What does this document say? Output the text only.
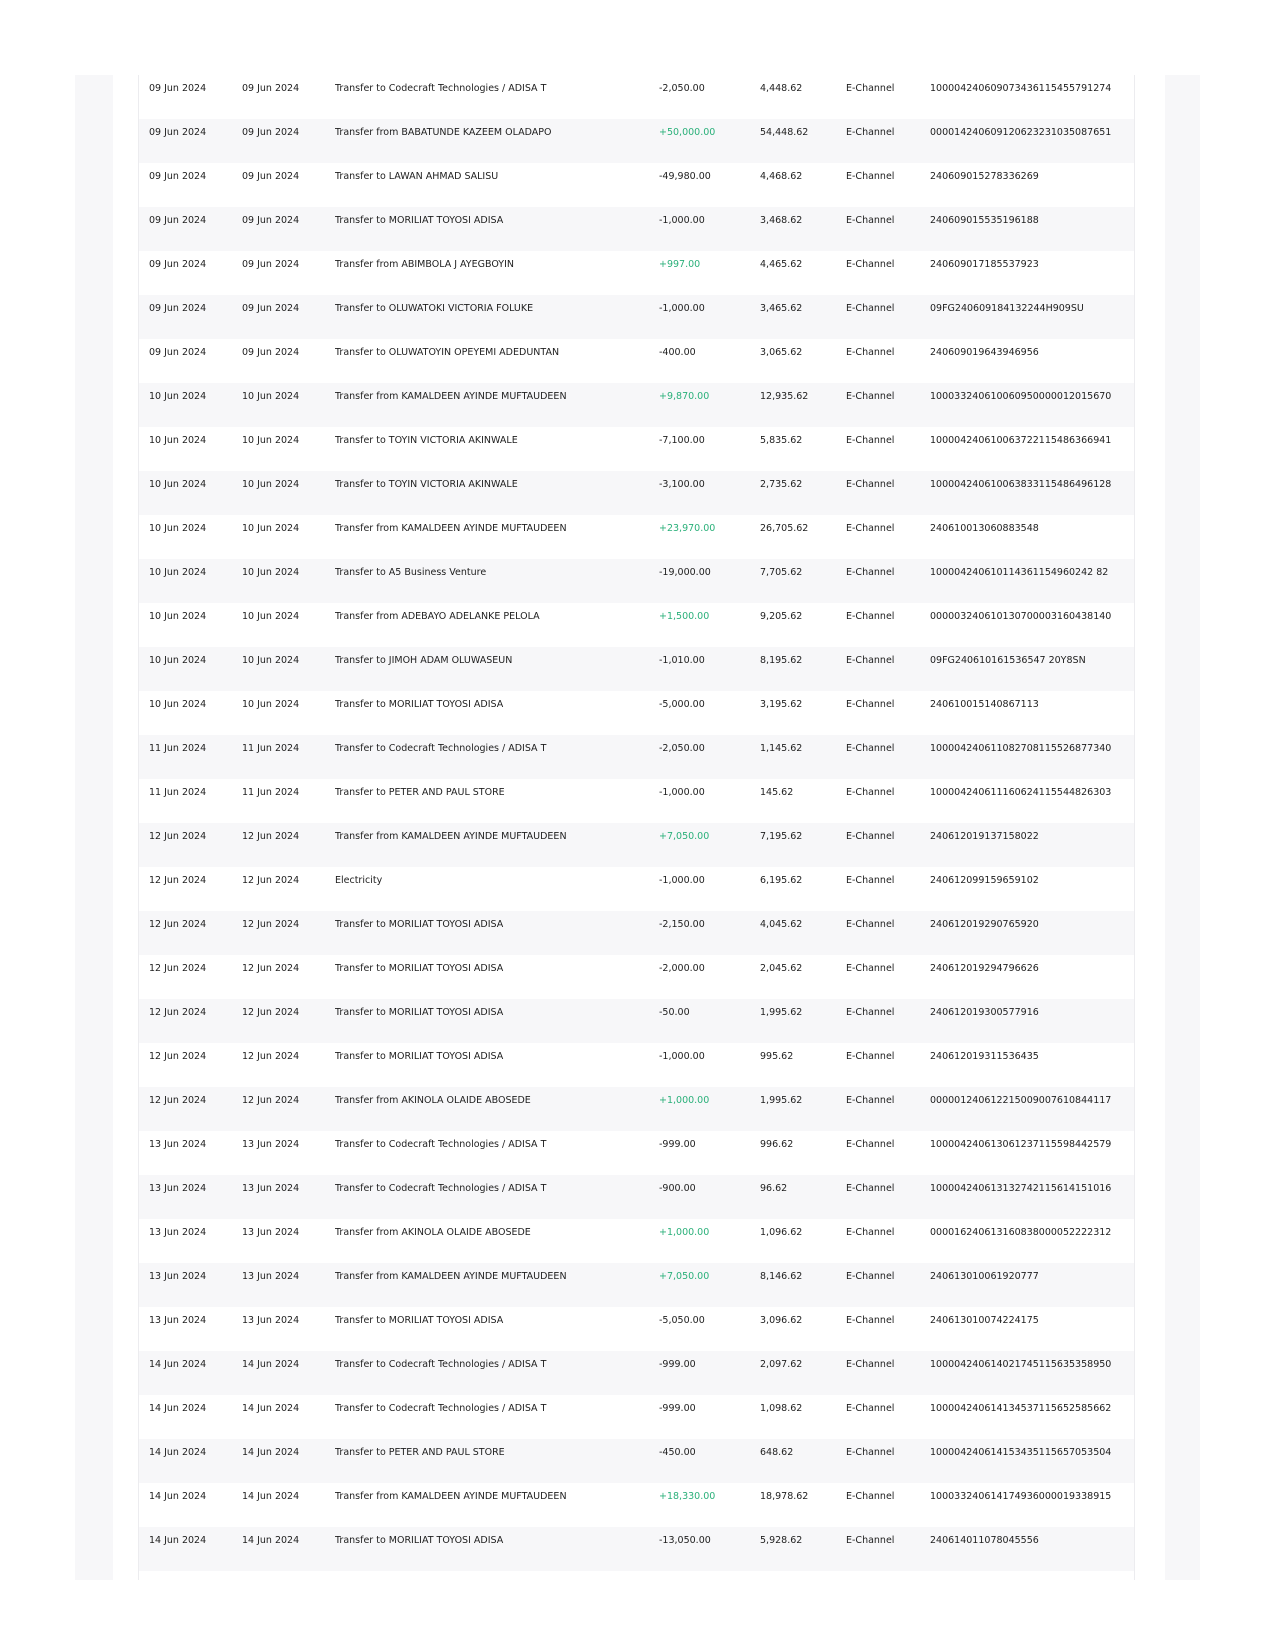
09 Jun 2024	09 Jun 2024	Transfer to Codecraft Technologies / ADISA T	-2,050.00	4,448.62	E-Channel	100004240609073436115455791274
09 Jun 2024	09 Jun 2024	Transfer from BABATUNDE KAZEEM OLADAPO	+50,000.00	54,448.62	E-Channel	000014240609120623231035087651
09 Jun 2024	09 Jun 2024	Transfer to LAWAN AHMAD SALISU	-49,980.00	4,468.62	E-Channel	240609015278336269
09 Jun 2024	09 Jun 2024	Transfer to MORILIAT TOYOSI ADISA	-1,000.00	3,468.62	E-Channel	240609015535196188
09 Jun 2024	09 Jun 2024	Transfer from ABIMBOLA J AYEGBOYIN	+997.00	4,465.62	E-Channel	240609017185537923
09 Jun 2024	09 Jun 2024	Transfer to OLUWATOKI VICTORIA FOLUKE	-1,000.00	3,465.62	E-Channel	09FG240609184132244H909SU
09 Jun 2024	09 Jun 2024	Transfer to OLUWATOYIN OPEYEMI ADEDUNTAN	-400.00	3,065.62	E-Channel	240609019643946956
10 Jun 2024	10 Jun 2024	Transfer from KAMALDEEN AYINDE MUFTAUDEEN	+9,870.00	12,935.62	E-Channel	100033240610060950000012015670
10 Jun 2024	10 Jun 2024	Transfer to TOYIN VICTORIA AKINWALE	-7,100.00	5,835.62	E-Channel	100004240610063722115486366941
10 Jun 2024	10 Jun 2024	Transfer to TOYIN VICTORIA AKINWALE	-3,100.00	2,735.62	E-Channel	100004240610063833115486496128
10 Jun 2024	10 Jun 2024	Transfer from KAMALDEEN AYINDE MUFTAUDEEN	+23,970.00	26,705.62	E-Channel	240610013060883548
10 Jun 2024	10 Jun 2024	Transfer to A5 Business Venture	-19,000.00	7,705.62	E-Channel	100004240610114361154960242 82
10 Jun 2024	10 Jun 2024	Transfer from ADEBAYO ADELANKE PELOLA	+1,500.00	9,205.62	E-Channel	000003240610130700003160438140
10 Jun 2024	10 Jun 2024	Transfer to JIMOH ADAM OLUWASEUN	-1,010.00	8,195.62	E-Channel	09FG240610161536547 20Y8SN
10 Jun 2024	10 Jun 2024	Transfer to MORILIAT TOYOSI ADISA	-5,000.00	3,195.62	E-Channel	240610015140867113
11 Jun 2024	11 Jun 2024	Transfer to Codecraft Technologies / ADISA T	-2,050.00	1,145.62	E-Channel	100004240611082708115526877340
11 Jun 2024	11 Jun 2024	Transfer to PETER AND PAUL STORE	-1,000.00	145.62	E-Channel	100004240611160624115544826303
12 Jun 2024	12 Jun 2024	Transfer from KAMALDEEN AYINDE MUFTAUDEEN	+7,050.00	7,195.62	E-Channel	240612019137158022
12 Jun 2024	12 Jun 2024	Electricity	-1,000.00	6,195.62	E-Channel	240612099159659102
12 Jun 2024	12 Jun 2024	Transfer to MORILIAT TOYOSI ADISA	-2,150.00	4,045.62	E-Channel	240612019290765920
12 Jun 2024	12 Jun 2024	Transfer to MORILIAT TOYOSI ADISA	-2,000.00	2,045.62	E-Channel	240612019294796626
12 Jun 2024	12 Jun 2024	Transfer to MORILIAT TOYOSI ADISA	-50.00	1,995.62	E-Channel	240612019300577916
12 Jun 2024	12 Jun 2024	Transfer to MORILIAT TOYOSI ADISA	-1,000.00	995.62	E-Channel	240612019311536435
12 Jun 2024	12 Jun 2024	Transfer from AKINOLA OLAIDE ABOSEDE	+1,000.00	1,995.62	E-Channel	000001240612215009007610844117
13 Jun 2024	13 Jun 2024	Transfer to Codecraft Technologies / ADISA T	-999.00	996.62	E-Channel	100004240613061237115598442579
13 Jun 2024	13 Jun 2024	Transfer to Codecraft Technologies / ADISA T	-900.00	96.62	E-Channel	100004240613132742115614151016
13 Jun 2024	13 Jun 2024	Transfer from AKINOLA OLAIDE ABOSEDE	+1,000.00	1,096.62	E-Channel	000016240613160838000052222312
13 Jun 2024	13 Jun 2024	Transfer from KAMALDEEN AYINDE MUFTAUDEEN	+7,050.00	8,146.62	E-Channel	240613010061920777
13 Jun 2024	13 Jun 2024	Transfer to MORILIAT TOYOSI ADISA	-5,050.00	3,096.62	E-Channel	240613010074224175
14 Jun 2024	14 Jun 2024	Transfer to Codecraft Technologies / ADISA T	-999.00	2,097.62	E-Channel	100004240614021745115635358950
14 Jun 2024	14 Jun 2024	Transfer to Codecraft Technologies / ADISA T	-999.00	1,098.62	E-Channel	100004240614134537115652585662
14 Jun 2024	14 Jun 2024	Transfer to PETER AND PAUL STORE	-450.00	648.62	E-Channel	100004240614153435115657053504
14 Jun 2024	14 Jun 2024	Transfer from KAMALDEEN AYINDE MUFTAUDEEN	+18,330.00	18,978.62	E-Channel	100033240614174936000019338915
14 Jun 2024	14 Jun 2024	Transfer to MORILIAT TOYOSI ADISA	-13,050.00	5,928.62	E-Channel	240614011078045556
